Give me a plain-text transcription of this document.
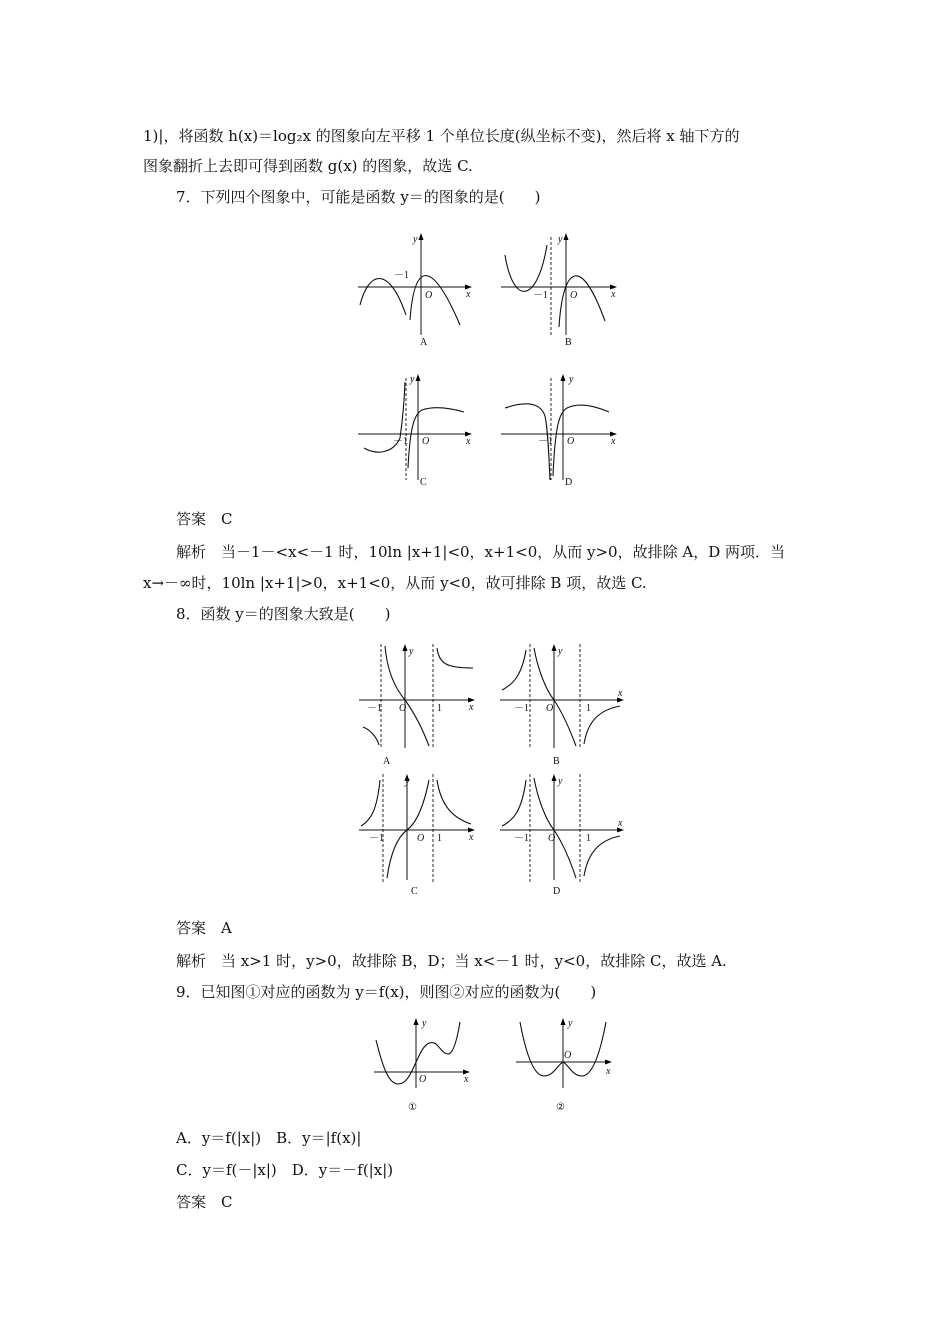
1)|，将函数 h(x)＝log₂x 的图象向左平移 1 个单位长度(纵坐标不变)，然后将 x 轴下方的
图象翻折上去即可得到函数 g(x) 的图象，故选 C.
7．下列四个图象中，可能是函数 y＝的图象的是(　　)
y
x
O
－1
A
y
x
O
－1
B
y
x
O
－1
C
y
x
O
－1
D
答案　C
解析　当－1－<x<－1 时，10ln |x+1|<0，x+1<0，从而 y>0，故排除 A，D 两项．当
x→－∞时，10ln |x+1|>0，x+1<0，从而 y<0，故可排除 B 项，故选 C.
8．函数 y＝的图象大致是(　　)
y
x
O
－1	1
A
y
x
O
－1	1
B
y
x
O
－1	1
C
y
x
O
－1	1
D
答案　A
解析　当 x>1 时，y>0，故排除 B，D；当 x<－1 时，y<0，故排除 C，故选 A.
9．已知图①对应的函数为 y＝f(x)，则图②对应的函数为(　　)
y
x
O
①
y
x
O
②
A．y＝f(|x|)　B．y＝|f(x)|
C．y＝f(－|x|)　D．y＝－f(|x|)
答案　C
